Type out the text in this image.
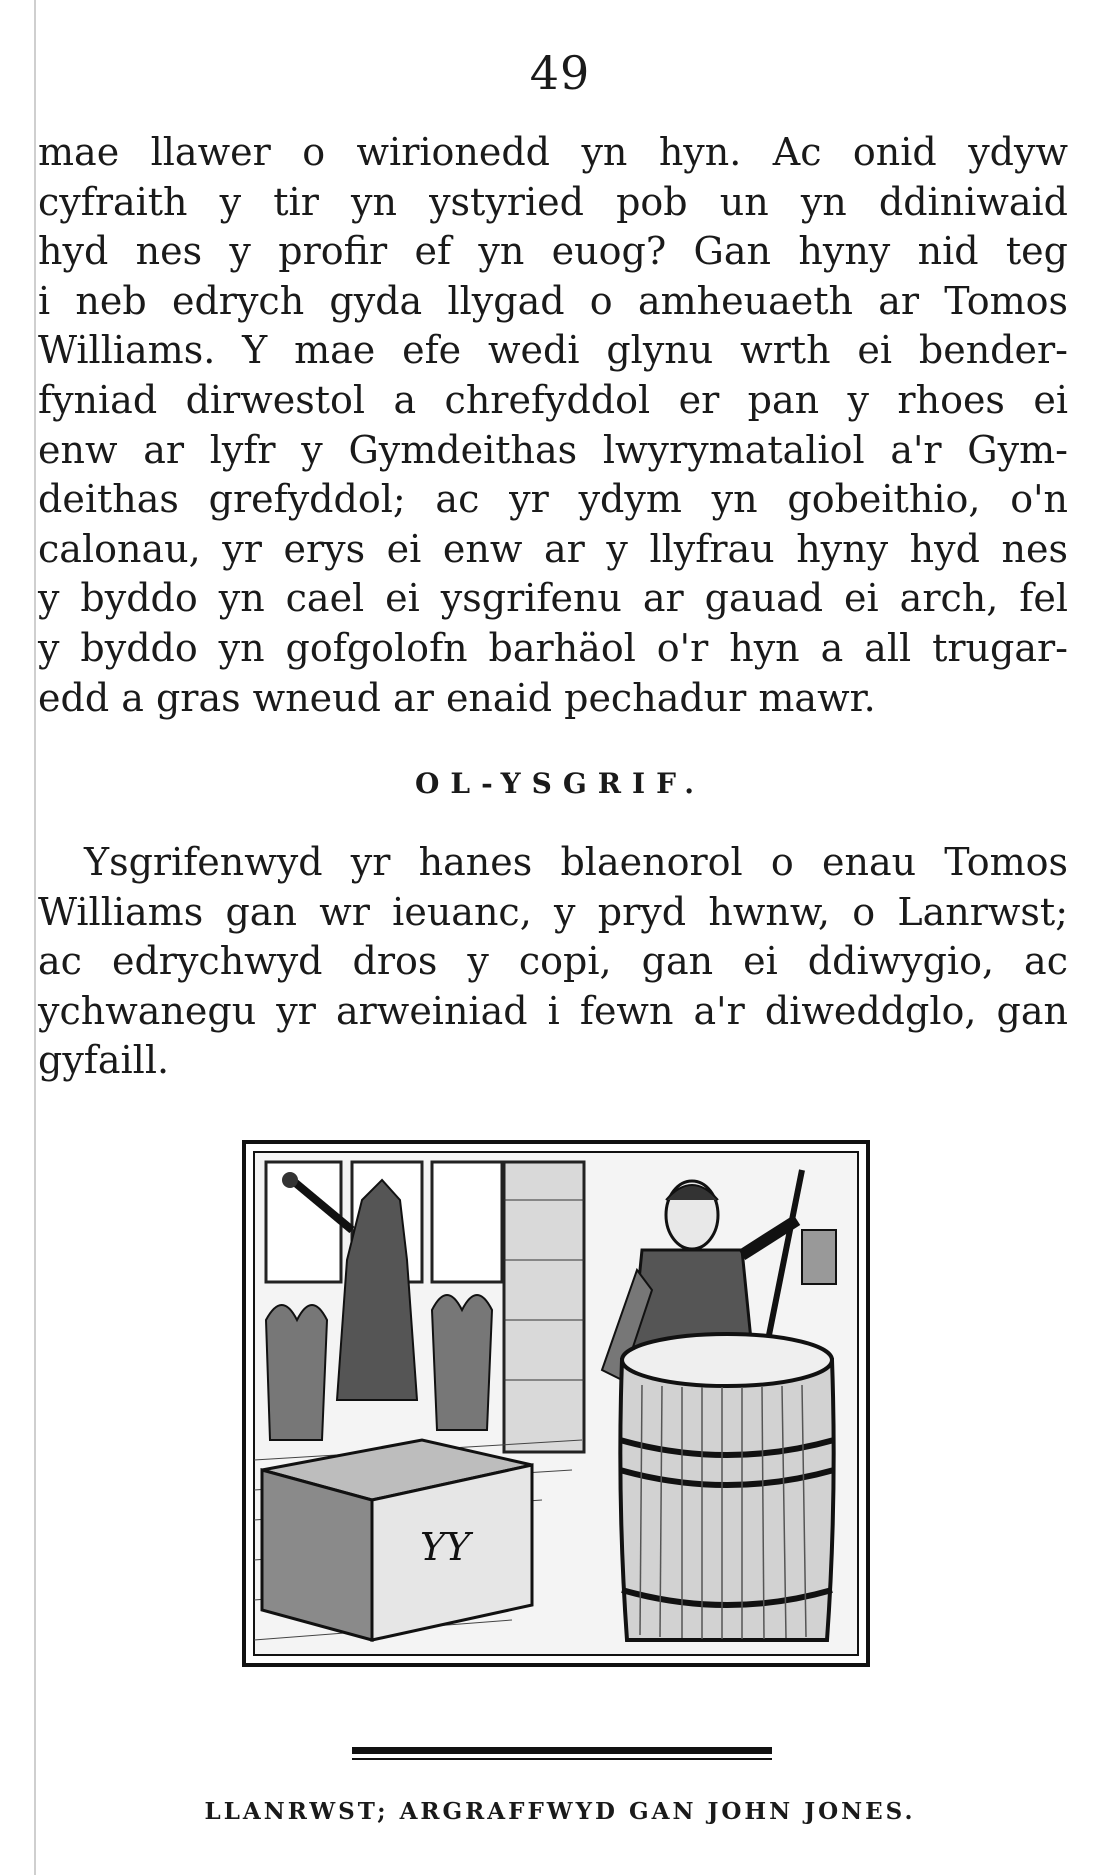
49
mae llawer o wirionedd yn hyn. Ac onid ydyw
cyfraith y tir yn ystyried pob un yn ddiniwaid
hyd nes y profir ef yn euog? Gan hyny nid teg
i neb edrych gyda llygad o amheuaeth ar Tomos
Williams. Y mae efe wedi glynu wrth ei bender-
fyniad dirwestol a chrefyddol er pan y rhoes ei
enw ar lyfr y Gymdeithas lwyrymataliol a'r Gym-
deithas grefyddol; ac yr ydym yn gobeithio, o'n
calonau, yr erys ei enw ar y llyfrau hyny hyd nes
y byddo yn cael ei ysgrifenu ar gauad ei arch, fel
y byddo yn gofgolofn barhäol o'r hyn a all trugar-
edd a gras wneud ar enaid pechadur mawr.
OL-YSGRIF.
Ysgrifenwyd yr hanes blaenorol o enau Tomos
Williams gan wr ieuanc, y pryd hwnw, o Lanrwst;
ac edrychwyd dros y copi, gan ei ddiwygio, ac
ychwanegu yr arweiniad i fewn a'r diweddglo, gan
gyfaill.
YY
LLANRWST; ARGRAFFWYD GAN JOHN JONES.
